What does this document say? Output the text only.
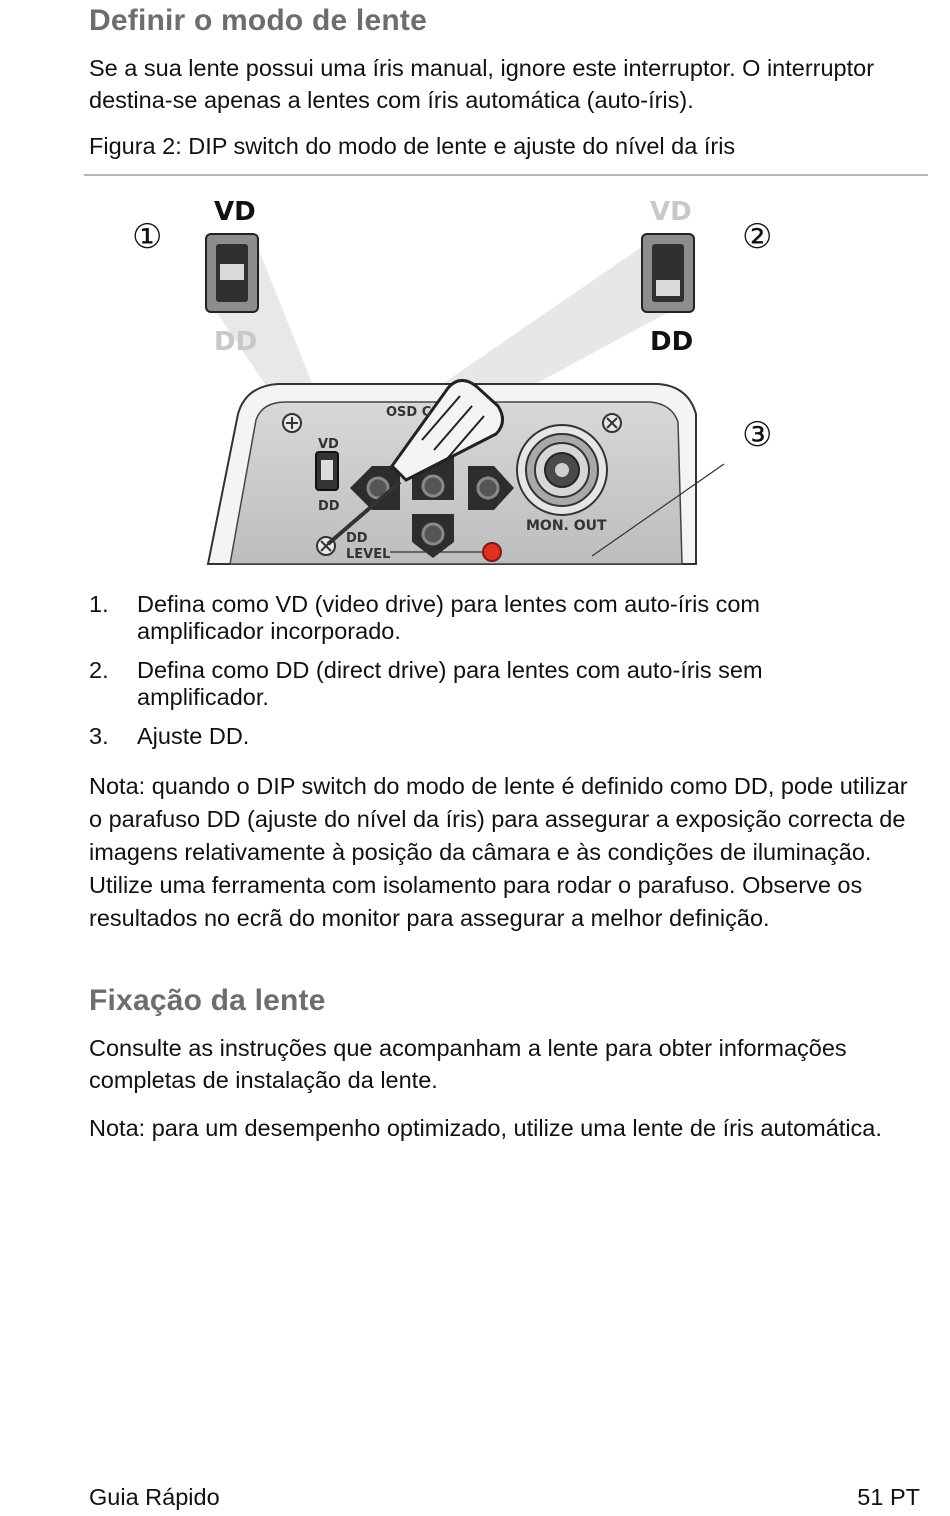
Definir o modo de lente

Se a sua lente possui uma íris manual, ignore este interruptor. O interruptor destina-se apenas a lentes com íris automática (auto-íris).

Figura 2: DIP switch do modo de lente e ajuste do nível da íris

①	②
③
VD
DD
VD
DD
OSD C
VD
DD
DD
LEVEL
MON. OUT
1. Defina como VD (video drive) para lentes com auto-íris com amplificador incorporado.
2. Defina como DD (direct drive) para lentes com auto-íris sem amplificador.
3. Ajuste DD.

Nota: quando o DIP switch do modo de lente é definido como DD, pode utilizar o parafuso DD (ajuste do nível da íris) para assegurar a exposição correcta de imagens relativamente à posição da câmara e às condições de iluminação. Utilize uma ferramenta com isolamento para rodar o parafuso. Observe os resultados no ecrã do monitor para assegurar a melhor definição.

Fixação da lente

Consulte as instruções que acompanham a lente para obter informações completas de instalação da lente.

Nota: para um desempenho optimizado, utilize uma lente de íris automática.

Guia Rápido	51 PT
